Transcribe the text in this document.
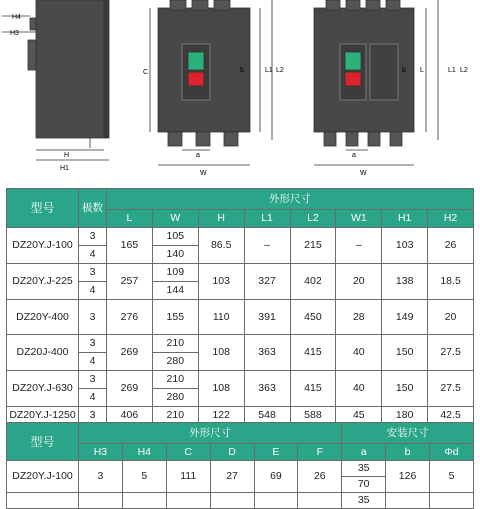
H4
H3
H
H1
C	b	L1 L2
a
W
b L	L1 L2
a
W
型号	极数	外形尺寸							
		L	W	H	L1	L2	W1	H1	H2
DZ20Y.J-100	3	165	105	86.5	–	215	–	103	26
	4		140						
DZ20Y.J-225	3	257	109	103	327	402	20	138	18.5
	4		144						
DZ20Y-400	3	276	155	110	391	450	28	149	20
DZ20J-400	3	269	210	108	363	415	40	150	27.5
	4		280						
DZ20Y.J-630	3	269	210	108	363	415	40	150	27.5
	4		280						
DZ20Y.J-1250	3	406	210	122	548	588	45	180	42.5
型号	外形尺寸						安装尺寸		
	H3	H4	C	D	E	F	a	b	Φd
DZ20Y.J-100	3	5	111	27	69	26	35	126	5
							70		
							35		
